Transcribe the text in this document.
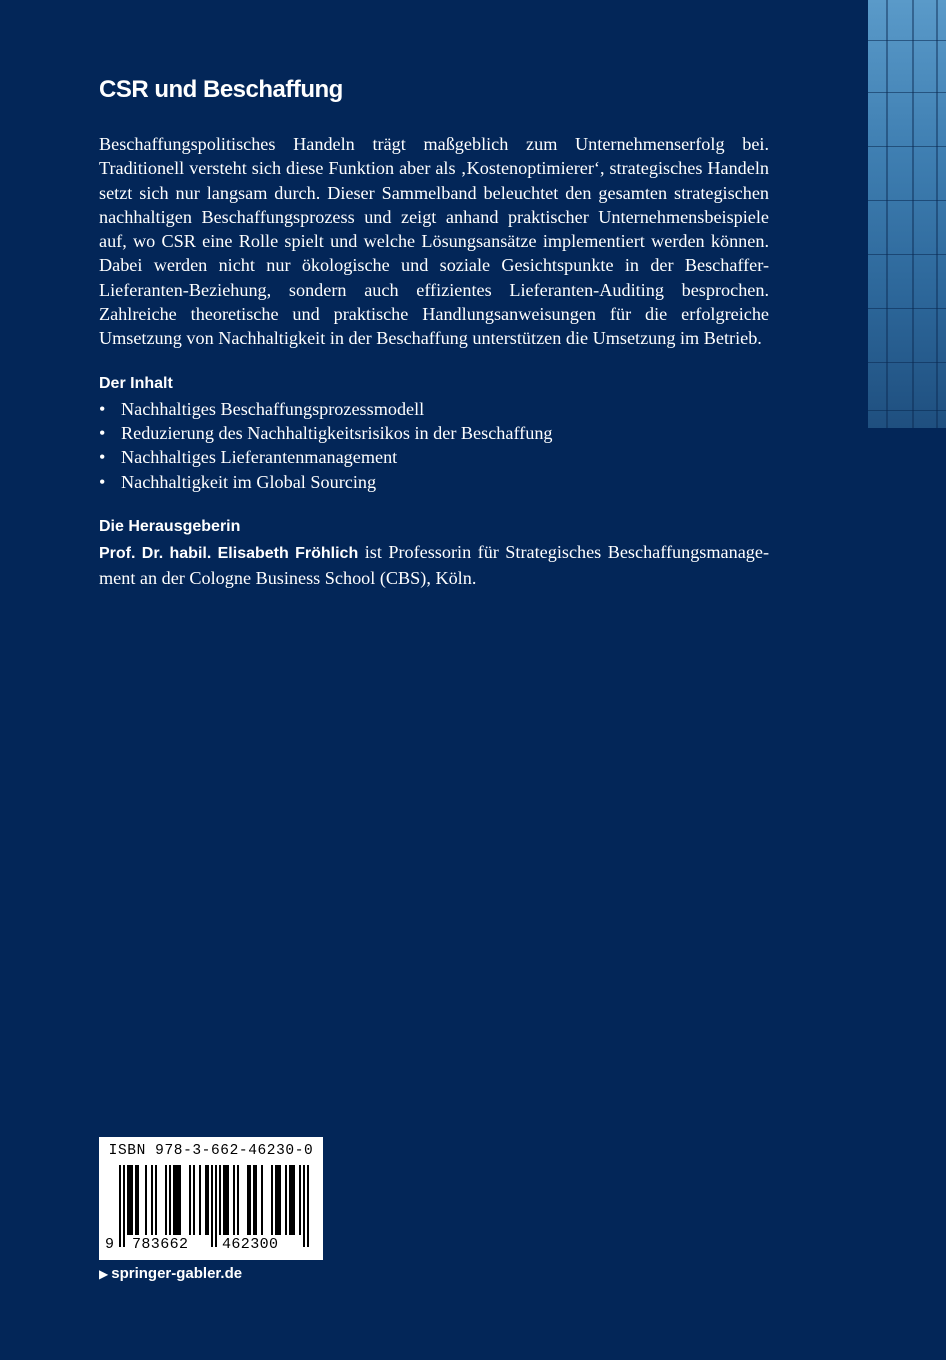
CSR und Beschaffung

Beschaffungspolitisches Handeln trägt maßgeblich zum Unternehmenserfolg bei. Traditionell versteht sich diese Funktion aber als ‚Kostenoptimierer‘, strategisches Handeln setzt sich nur langsam durch. Dieser Sammelband beleuchtet den gesamten strategischen nachhaltigen Beschaffungsprozess und zeigt anhand praktischer Unternehmensbeispiele auf, wo CSR eine Rolle spielt und welche Lösungsansätze implementiert werden können. Dabei werden nicht nur ökologische und soziale Gesichtspunkte in der Beschaffer-Lieferanten-Beziehung, sondern auch effizientes Lieferanten-Auditing besprochen. Zahlreiche theoretische und praktische Handlungsanweisungen für die erfolgreiche Umsetzung von Nachhaltigkeit in der Beschaffung unterstützen die Umsetzung im Betrieb.

Der Inhalt
• Nachhaltiges Beschaffungsprozessmodell
• Reduzierung des Nachhaltigkeitsrisikos in der Beschaffung
• Nachhaltiges Lieferantenmanagement
• Nachhaltigkeit im Global Sourcing
Die Herausgeberin

Prof. Dr. habil. Elisabeth Fröhlich ist Professorin für Strategisches Beschaffungsmanagement an der Cologne Business School (CBS), Köln.

ISBN 978-3-662-46230-0
9 783662 462300
▶ springer-gabler.de
